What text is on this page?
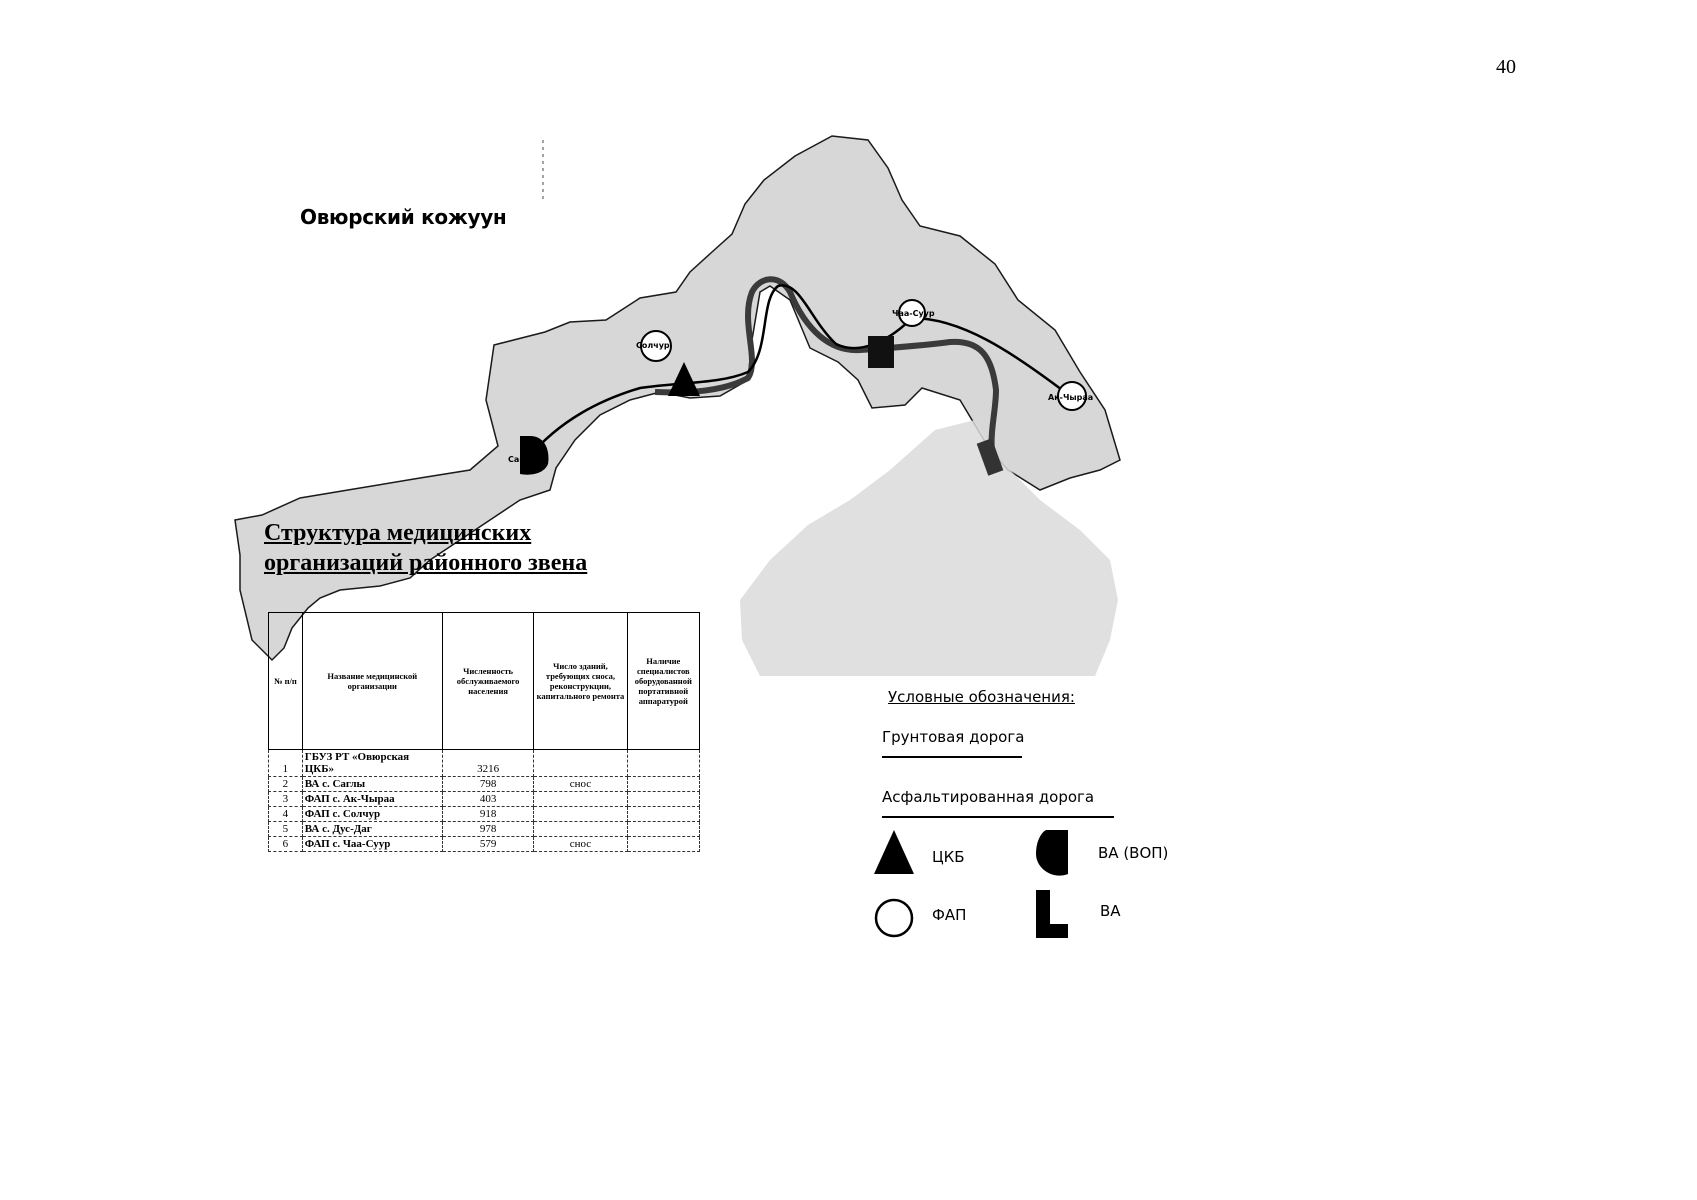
40
Саглы
Солчур
Чаа-Суур
Ак-Чыраа
Овюрский кожуун
Структура медицинских
организаций районного звена
№ п/п	Название медицинской организации	Численность обслуживаемого населения	Число зданий, требующих сноса, реконструкции, капитального ремонта	Наличие специалистов оборудованной портативной аппаратурой
1	ГБУЗ РТ «Овюрская ЦКБ»	3216		
2	ВА с. Саглы	798	снос	
3	ФАП с. Ак-Чыраа	403		
4	ФАП с. Солчур	918		
5	ВА с. Дус-Даг	978		
6	ФАП с. Чаа-Суур	579	снос	
Условные обозначения:
Грунтовая дорога
Асфальтированная дорога
ЦКБ	ВА (ВОП)
ФАП	ВА
